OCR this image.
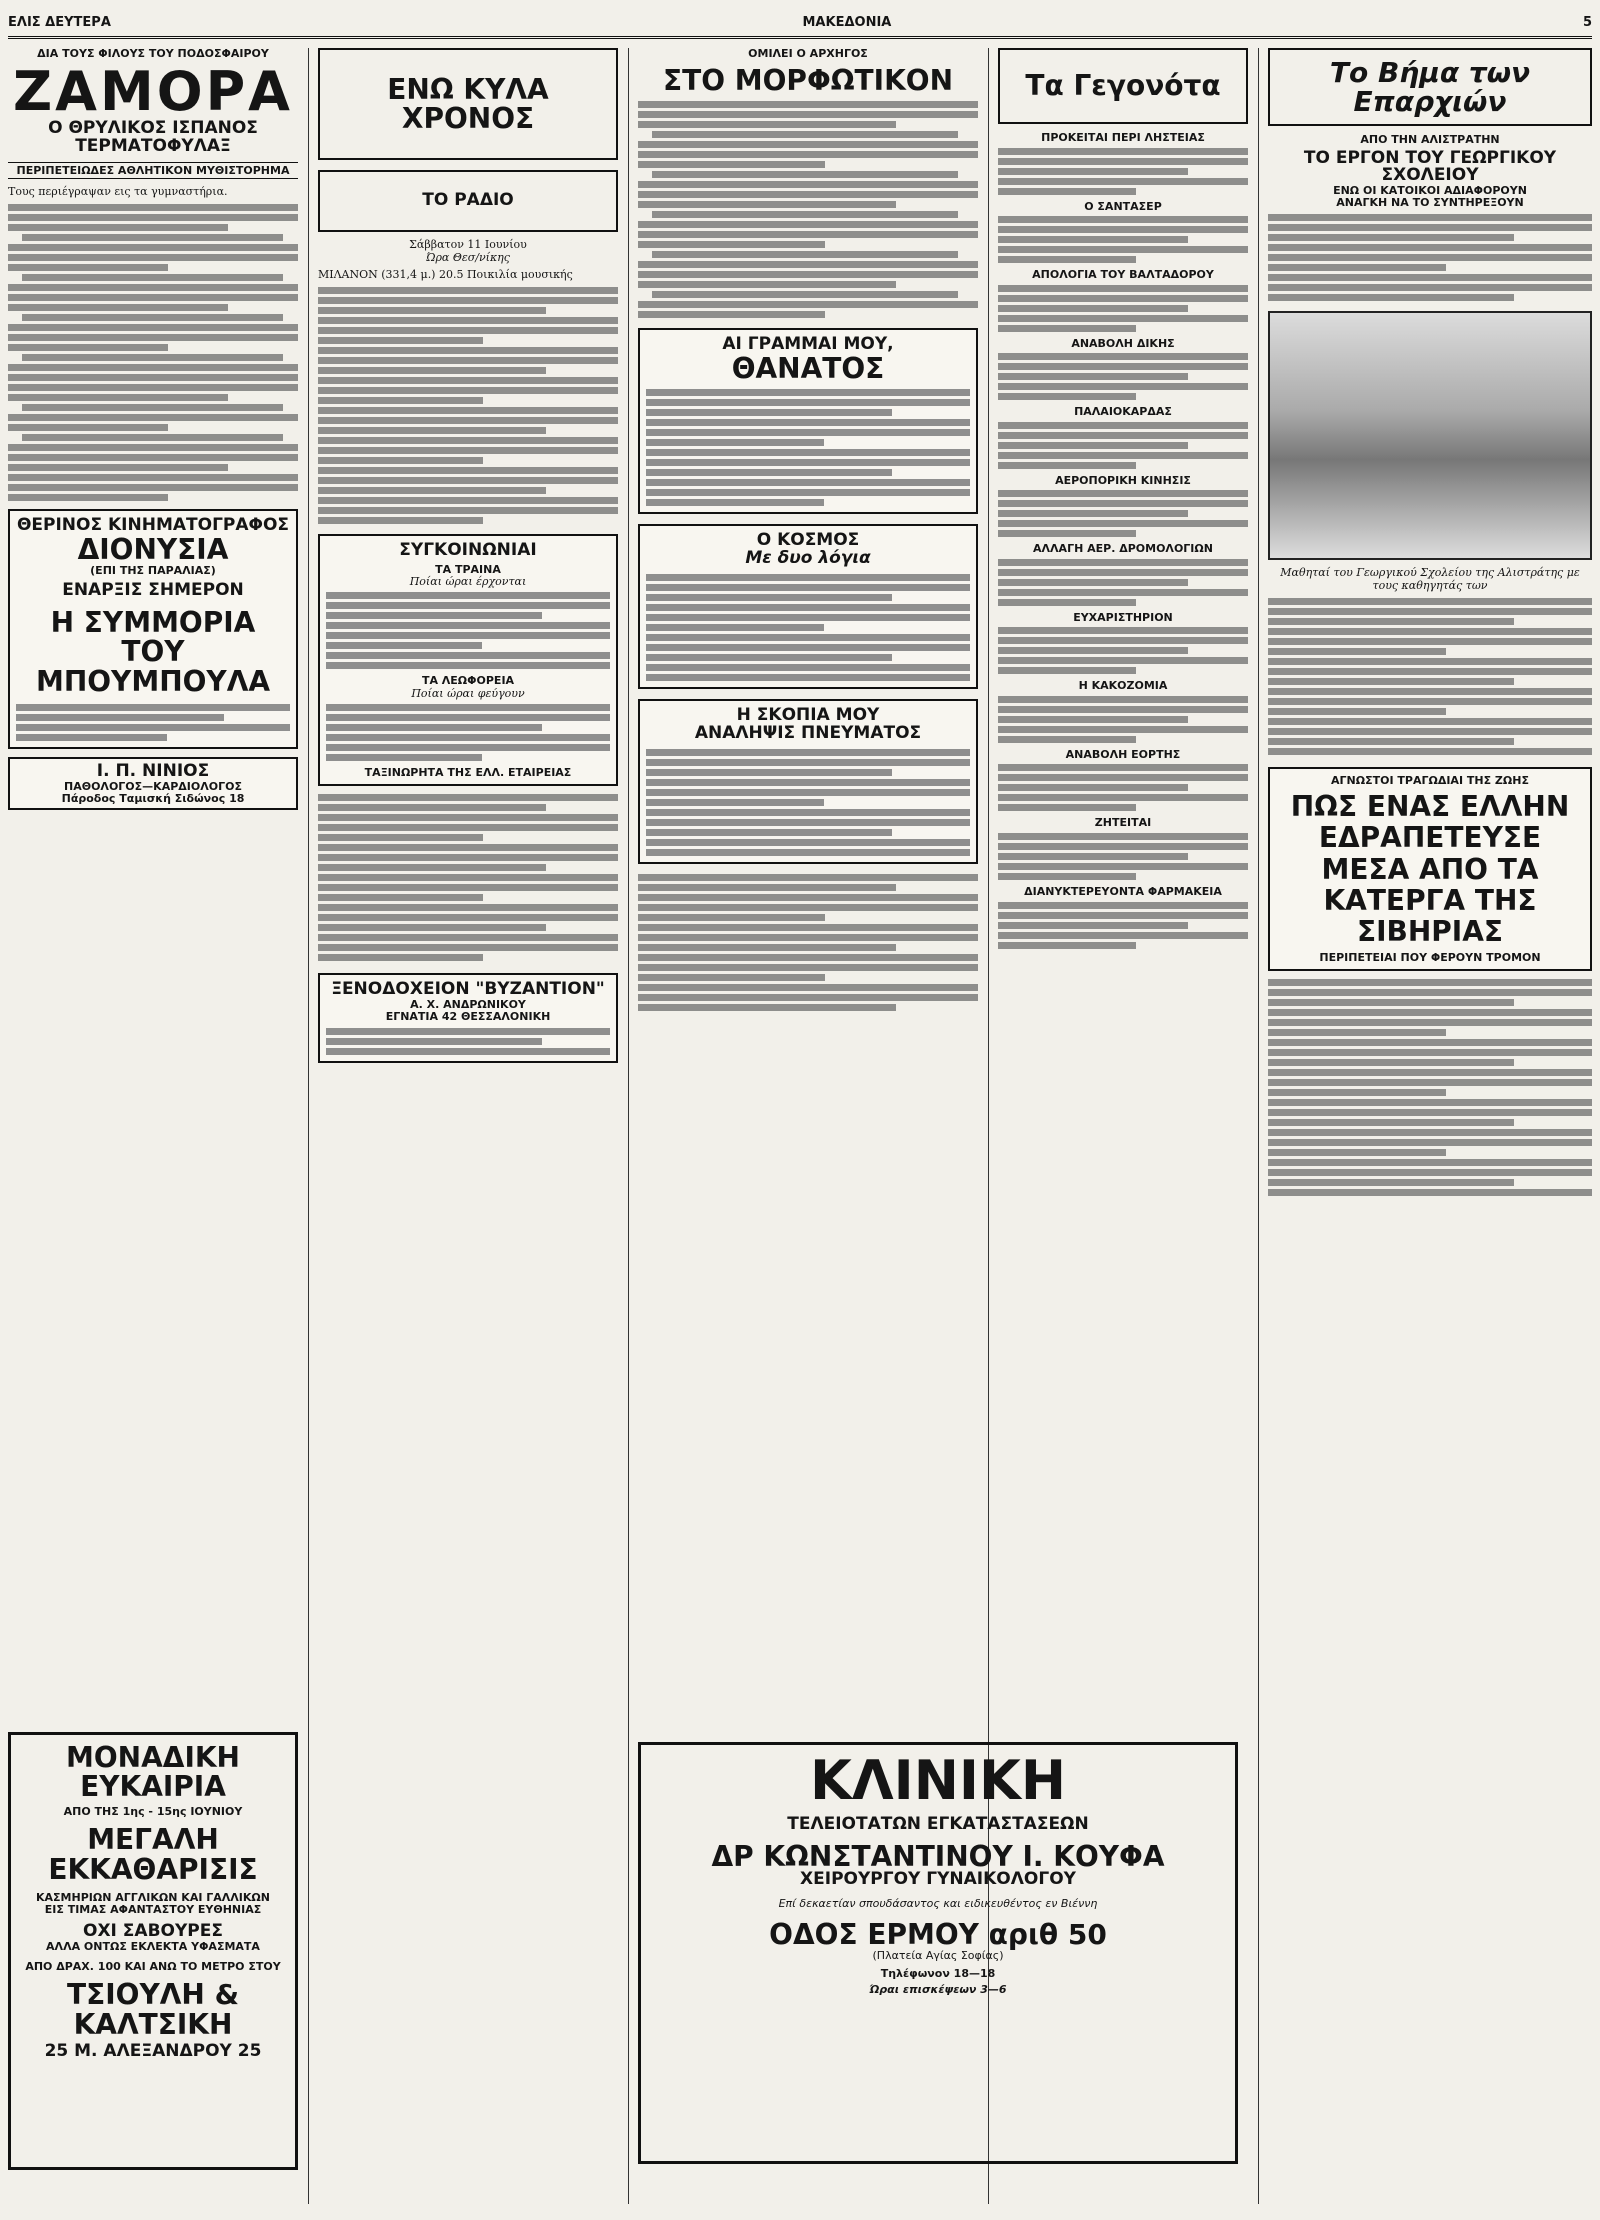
ΕΛΙΣ ΔΕΥΤΕΡΑ	ΜΑΚΕΔΟΝΙΑ	5
ΔΙΑ ΤΟΥΣ ΦΙΛΟΥΣ ΤΟΥ ΠΟΔΟΣΦΑΙΡΟΥ
ΖΑΜΟΡΑ
Ο ΘΡΥΛΙΚΟΣ ΙΣΠΑΝΟΣ ΤΕΡΜΑΤΟΦΥΛΑΞ
ΠΕΡΙΠΕΤΕΙΩΔΕΣ ΑΘΛΗΤΙΚΟΝ ΜΥΘΙΣΤΟΡΗΜΑ
Τους περιέγραψαν εις τα γυμναστήρια.
ΘΕΡΙΝΟΣ ΚΙΝΗΜΑΤΟΓΡΑΦΟΣ
ΔΙΟΝΥΣΙΑ
(ΕΠΙ ΤΗΣ ΠΑΡΑΛΙΑΣ)
ΕΝΑΡΞΙΣ ΣΗΜΕΡΟΝ
Η ΣΥΜΜΟΡΙΑ ΤΟΥ ΜΠΟΥΜΠΟΥΛΑ
Ι. Π. ΝΙΝΙΟΣ
ΠΑΘΟΛΟΓΟΣ—ΚΑΡΔΙΟΛΟΓΟΣ
Πάροδος Ταμισκή Σιδώνος 18
ΕΝΩ ΚΥΛΑ ΧΡΟΝΟΣ
ΤΟ ΡΑΔΙΟ
Σάββατον 11 Ιουνίου
Ώρα Θεσ/νίκης
ΜΙΛΑΝΟΝ (331,4 μ.) 20.5 Ποικιλία μουσικής
ΣΥΓΚΟΙΝΩΝΙΑΙ
ΤΑ ΤΡΑΙΝΑ
Ποίαι ώραι έρχονται
ΤΑ ΛΕΩΦΟΡΕΙΑ
Ποίαι ώραι φεύγουν
ΤΑΞΙΝΩΡΗΤΑ ΤΗΣ ΕΛΛ. ΕΤΑΙΡΕΙΑΣ
ΞΕΝΟΔΟΧΕΙΟΝ "ΒΥΖΑΝΤΙΟΝ"
Α. Χ. ΑΝΔΡΩΝΙΚΟΥ
ΕΓΝΑΤΙΑ 42 ΘΕΣΣΑΛΟΝΙΚΗ
ΟΜΙΛΕΙ Ο ΑΡΧΗΓΟΣ
ΣΤΟ ΜΟΡΦΩΤΙΚΟΝ
ΑΙ ΓΡΑΜΜΑΙ ΜΟΥ,
ΘΑΝΑΤΟΣ
Ο ΚΟΣΜΟΣ
Με δυο λόγια
Η ΣΚΟΠΙΑ ΜΟΥ
ΑΝΑΛΗΨΙΣ ΠΝΕΥΜΑΤΟΣ
Τα Γεγονότα
ΠΡΟΚΕΙΤΑΙ ΠΕΡΙ ΛΗΣΤΕΙΑΣ
Ο ΣΑΝΤΑΣΕΡ
ΑΠΟΛΟΓΙΑ ΤΟΥ ΒΑΛΤΑΔΟΡΟΥ
ΑΝΑΒΟΛΗ ΔΙΚΗΣ
ΠΑΛΑΙΟΚΑΡΔΑΣ
ΑΕΡΟΠΟΡΙΚΗ ΚΙΝΗΣΙΣ
ΑΛΛΑΓΗ ΑΕΡ. ΔΡΟΜΟΛΟΓΙΩΝ
ΕΥΧΑΡΙΣΤΗΡΙΟΝ
Η ΚΑΚΟΖΟΜΙΑ
ΑΝΑΒΟΛΗ ΕΟΡΤΗΣ
ΖΗΤΕΙΤΑΙ
ΔΙΑΝΥΚΤΕΡΕΥΟΝΤΑ ΦΑΡΜΑΚΕΙΑ
Το Βήμα των Επαρχιών
ΑΠΟ ΤΗΝ ΑΛΙΣΤΡΑΤΗΝ
ΤΟ ΕΡΓΟΝ ΤΟΥ ΓΕΩΡΓΙΚΟΥ ΣΧΟΛΕΙΟΥ
ΕΝΩ ΟΙ ΚΑΤΟΙΚΟΙ ΑΔΙΑΦΟΡΟΥΝ
ΑΝΑΓΚΗ ΝΑ ΤΟ ΣΥΝΤΗΡΕΞΟΥΝ
Μαθηταί του Γεωργικού Σχολείου της Αλιστράτης με τους καθηγητάς των
ΑΓΝΩΣΤΟΙ ΤΡΑΓΩΔΙΑΙ ΤΗΣ ΖΩΗΣ
ΠΩΣ ΕΝΑΣ ΕΛΛΗΝ ΕΔΡΑΠΕΤΕΥΣΕ ΜΕΣΑ ΑΠΟ ΤΑ ΚΑΤΕΡΓΑ ΤΗΣ ΣΙΒΗΡΙΑΣ
ΠΕΡΙΠΕΤΕΙΑΙ ΠΟΥ ΦΕΡΟΥΝ ΤΡΟΜΟΝ
ΜΟΝΑΔΙΚΗ ΕΥΚΑΙΡΙΑ
ΑΠΟ ΤΗΣ 1ης - 15ης ΙΟΥΝΙΟΥ
ΜΕΓΑΛΗ ΕΚΚΑΘΑΡΙΣΙΣ
ΚΑΣΜΗΡΙΩΝ ΑΓΓΛΙΚΩΝ ΚΑΙ ΓΑΛΛΙΚΩΝ
ΕΙΣ ΤΙΜΑΣ ΑΦΑΝΤΑΣΤΟΥ ΕΥΘΗΝΙΑΣ
ΟΧΙ ΣΑΒΟΥΡΕΣ
ΑΛΛΑ ΟΝΤΩΣ ΕΚΛΕΚΤΑ ΥΦΑΣΜΑΤΑ
ΑΠΟ ΔΡΑΧ. 100 ΚΑΙ ΑΝΩ ΤΟ ΜΕΤΡΟ ΣΤΟΥ
ΤΣΙΟΥΛΗ & ΚΑΛΤΣΙΚΗ
25 Μ. ΑΛΕΞΑΝΔΡΟΥ 25
ΚΛΙΝΙΚΗ
ΤΕΛΕΙΟΤΑΤΩΝ ΕΓΚΑΤΑΣΤΑΣΕΩΝ
ΔΡ ΚΩΝΣΤΑΝΤΙΝΟΥ Ι. ΚΟΥΦΑ
ΧΕΙΡΟΥΡΓΟΥ ΓΥΝΑΙΚΟΛΟΓΟΥ
Επί δεκαετίαν σπουδάσαντος και ειδικευθέντος εν Βιέννη
ΟΔΟΣ ΕΡΜΟΥ αριθ 50
(Πλατεία Αγίας Σοφίας)
Τηλέφωνον 18—18
Ώραι επισκέψεων 3—6
